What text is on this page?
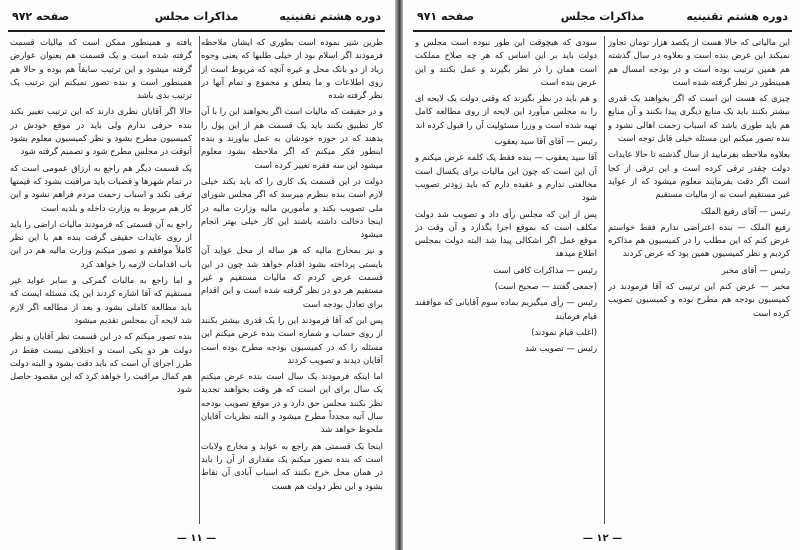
صفحه ۹۷۲	مذاکرات مجلس	دوره هشتم تقنینیه

طرین شیر نموده است بطوری که ایشان ملاحظه فرمودند اگر اسلام بود از خیلی طلبها که یعنی وجوه زیاد از دو بانک محل و غیره آنچه که مربوط است از روی اطلاعات و ما یتعلق و مجموع و تمام آنها در نظر گرفته شده

و در حقیقت که مالیات است اگر بخواهند این را با آن کار تطبیق بکنند باید یک قسمت هم از این پول را بدهند که در حوزه خودشان به عمل بیاورند و بنده اینطور فکر میکنم که اگر ملاحظه بشود معلوم میشود این سه فقره تغییر کرده است

دولت در این قسمت یک کاری را که باید بکند خیلی لازم است بنده بنظرم میرسد که اگر مجلس شورای ملی تصویب بکند و مأمورین مالیه وزارت مالیه در اینجا دخالت داشته باشند این کار خیلی بهتر انجام میشود

و نیز بمخارج مالیه که هر ساله از محل عواید آن بایستی پرداخته بشود اقدام خواهد شد چون در این قسمت عرض کردم که مالیات مستقیم و غیر مستقیم هر دو در نظر گرفته شده است و این اقدام برای تعادل بودجه است

پس این که آقا فرمودند این را یک قدری بیشتر بکنند از روی حساب و شماره است بنده عرض میکنم این مسئله را که در کمیسیون بودجه مطرح بوده است آقایان دیدند و تصویب کردند

اما اینکه فرمودند یک سال است بنده عرض میکنم یک سال برای این است که هر وقت بخواهند تجدید نظر بکنند مجلس حق دارد و در موقع تصویب بودجه سال آتیه مجدداً مطرح میشود و البته نظریات آقایان ملحوظ خواهد شد

اینجا یک قسمتی هم راجع به عواید و مخارج ولایات است که بنده تصور میکنم یک مقداری از آن را باید در همان محل خرج بکنند که اسباب آبادی آن نقاط بشود و این نظر دولت هم هست

یافته و همینطور ممکن است که مالیات قسمت گرفته شده است و یک قسمت هم بعنوان عوارض گرفته میشود و این ترتیب سابقاً هم بوده و حالا هم همینطور است و بنده تصور نمیکنم این ترتیب یک ترتیب بدی باشد

حالا اگر آقایان نظری دارند که این ترتیب تغییر بکند بنده حرفی ندارم ولی باید در موقع خودش در کمیسیون مطرح بشود و نظر کمیسیون معلوم بشود آنوقت در مجلس مطرح شود و تصمیم گرفته شود

یک قسمت دیگر هم راجع به ارزاق عمومی است که در تمام شهرها و قصبات باید مراقبت بشود که قیمتها ترقی نکند و اسباب زحمت مردم فراهم نشود و این کار هم مربوط به وزارت داخله و بلدیه است

راجع به آن قسمتی که فرمودند مالیات اراضی را باید از روی عایدات حقیقی گرفت بنده هم با این نظر کاملاً موافقم و تصور میکنم وزارت مالیه هم در این باب اقدامات لازمه را خواهد کرد

و اما راجع به مالیات گمرکی و سایر عواید غیر مستقیم که آقا اشاره کردند این یک مسئله ایست که باید مطالعه کاملی بشود و بعد از مطالعه اگر لازم شد لایحه آن بمجلس تقدیم میشود

بنده تصور میکنم که در این قسمت نظر آقایان و نظر دولت هر دو یکی است و اختلافی نیست فقط در طرز اجرای آن است که باید دقت بشود و البته دولت هم کمال مراقبت را خواهد کرد که این مقصود حاصل شود

— ۱۱ —
صفحه ۹۷۱	مذاکرات مجلس	دوره هشتم تقنینیه

این مالیاتی که حالا هست از یکصد هزار تومان تجاوز نمیکند این عرض بنده است و بعلاوه در سال گذشته هم همین ترتیب بوده است و در بودجه امسال هم همینطور در نظر گرفته شده است

چیزی که هست این است که اگر بخواهند یک قدری بیشتر بکنند باید یک منابع دیگری پیدا بکنند و آن منابع هم باید طوری باشد که اسباب زحمت اهالی نشود و بنده تصور میکنم این مسئله خیلی قابل توجه است

بعلاوه ملاحظه بفرمایید از سال گذشته تا حالا عایدات دولت چقدر ترقی کرده است و این ترقی از کجا است اگر دقت بفرمایند معلوم میشود که از عواید غیر مستقیم است نه از مالیات مستقیم

رئیس — آقای رفیع الملک

رفیع الملک — بنده اعتراضی ندارم فقط خواستم عرض کنم که این مطلب را در کمیسیون هم مذاکره کردیم و نظر کمیسیون همین بود که عرض کردند

رئیس — آقای مخبر

مخبر — عرض کنم این ترتیبی که آقا فرمودند در کمیسیون بودجه هم مطرح بوده و کمیسیون تصویب کرده است

سودی که هیچوقت این طور نبوده است مجلس و دولت باید بر این اساس که هر چه صلاح مملکت است همان را در نظر بگیرند و عمل بکنند و این عرض بنده است

و هم باید در نظر بگیرند که وقتی دولت یک لایحه ای را به مجلس میآورد این لایحه از روی مطالعه کامل تهیه شده است و وزرا مسئولیت آن را قبول کرده اند

رئیس — آقای آقا سید یعقوب

آقا سید یعقوب — بنده فقط یک کلمه عرض میکنم و آن این است که چون این مالیات برای یکسال است مخالفتی ندارم و عقیده دارم که باید زودتر تصویب شود

پس از این که مجلس رأی داد و تصویب شد دولت مکلف است که بموقع اجرا بگذارد و آن وقت در موقع عمل اگر اشکالی پیدا شد البته دولت بمجلس اطلاع میدهد

رئیس — مذاکرات کافی است

(جمعی گفتند — صحیح است)

رئیس — رأی میگیریم بماده سوم آقایانی که موافقند قیام فرمایند

(اغلب قیام نمودند)

رئیس — تصویب شد

— ۱۲ —
